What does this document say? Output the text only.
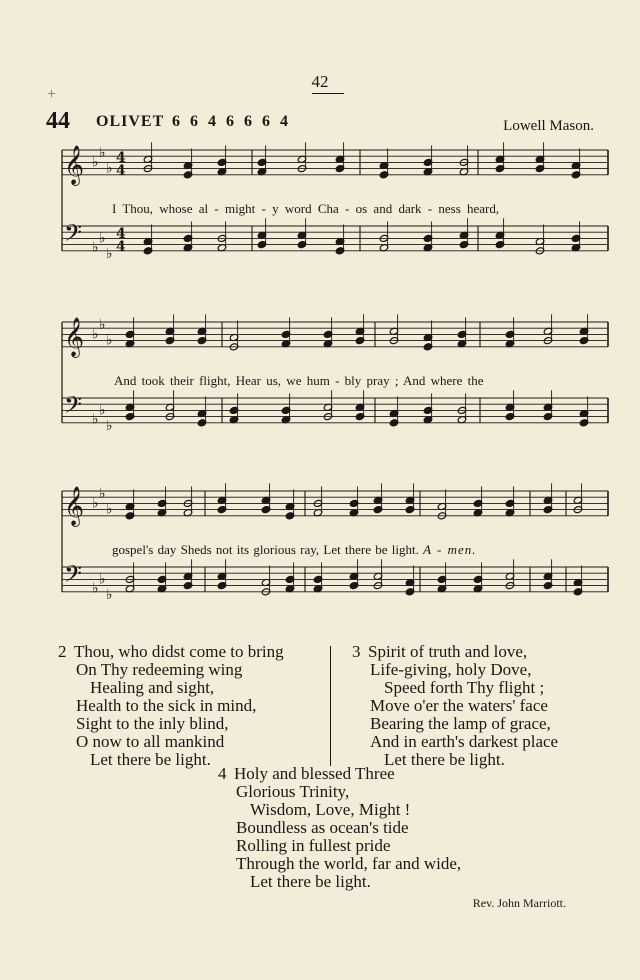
42
+
44 OLIVET 6 6 4 6 6 6 4	Lowell Mason.
𝄞 ♭
♭
♭
4
4
𝄢 ♭
♭
♭
4
4
𝄞 ♭
♭
♭
𝄢 ♭
♭
♭
𝄞 ♭
♭
♭
𝄢 ♭
♭
♭
I Thou, whose al - might - y word Cha - os and dark - ness heard,
And took their flight, Hear us, we hum - bly pray ; And where the
gospel's day Sheds not its glorious ray, Let there be light. A - men.
2 Thou, who didst come to bring
On Thy redeeming wing
Healing and sight,
Health to the sick in mind,
Sight to the inly blind,
O now to all mankind
Let there be light.
3 Spirit of truth and love,
Life-giving, holy Dove,
Speed forth Thy flight ;
Move o'er the waters' face
Bearing the lamp of grace,
And in earth's darkest place
Let there be light.
4 Holy and blessed Three
Glorious Trinity,
Wisdom, Love, Might !
Boundless as ocean's tide
Rolling in fullest pride
Through the world, far and wide,
Let there be light.
Rev. John Marriott.
